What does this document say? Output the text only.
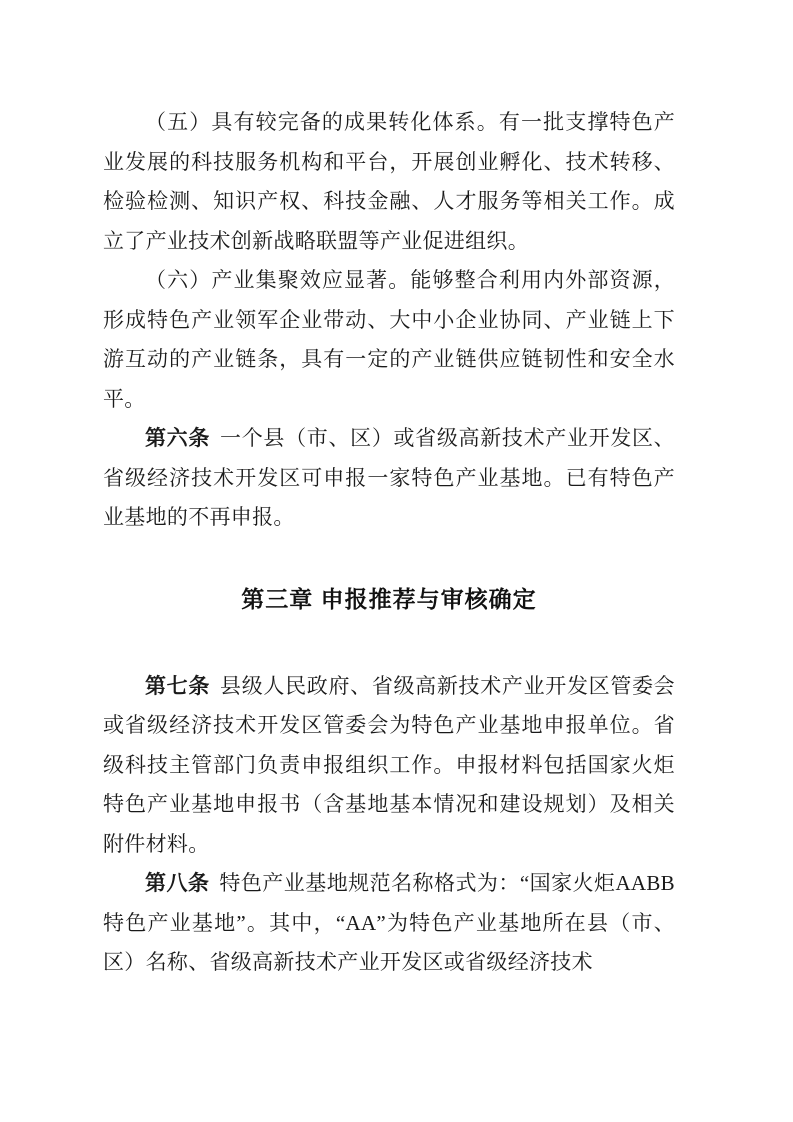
（五）具有较完备的成果转化体系。有一批支撑特色产业发展的科技服务机构和平台，开展创业孵化、技术转移、检验检测、知识产权、科技金融、人才服务等相关工作。成立了产业技术创新战略联盟等产业促进组织。

（六）产业集聚效应显著。能够整合利用内外部资源，形成特色产业领军企业带动、大中小企业协同、产业链上下游互动的产业链条，具有一定的产业链供应链韧性和安全水平。

第六条 一个县（市、区）或省级高新技术产业开发区、省级经济技术开发区可申报一家特色产业基地。已有特色产业基地的不再申报。

第三章 申报推荐与审核确定

第七条 县级人民政府、省级高新技术产业开发区管委会或省级经济技术开发区管委会为特色产业基地申报单位。省级科技主管部门负责申报组织工作。申报材料包括国家火炬特色产业基地申报书（含基地基本情况和建设规划）及相关附件材料。

第八条 特色产业基地规范名称格式为：“国家火炬AABB 特色产业基地”。其中，“AA”为特色产业基地所在县（市、区）名称、省级高新技术产业开发区或省级经济技术
